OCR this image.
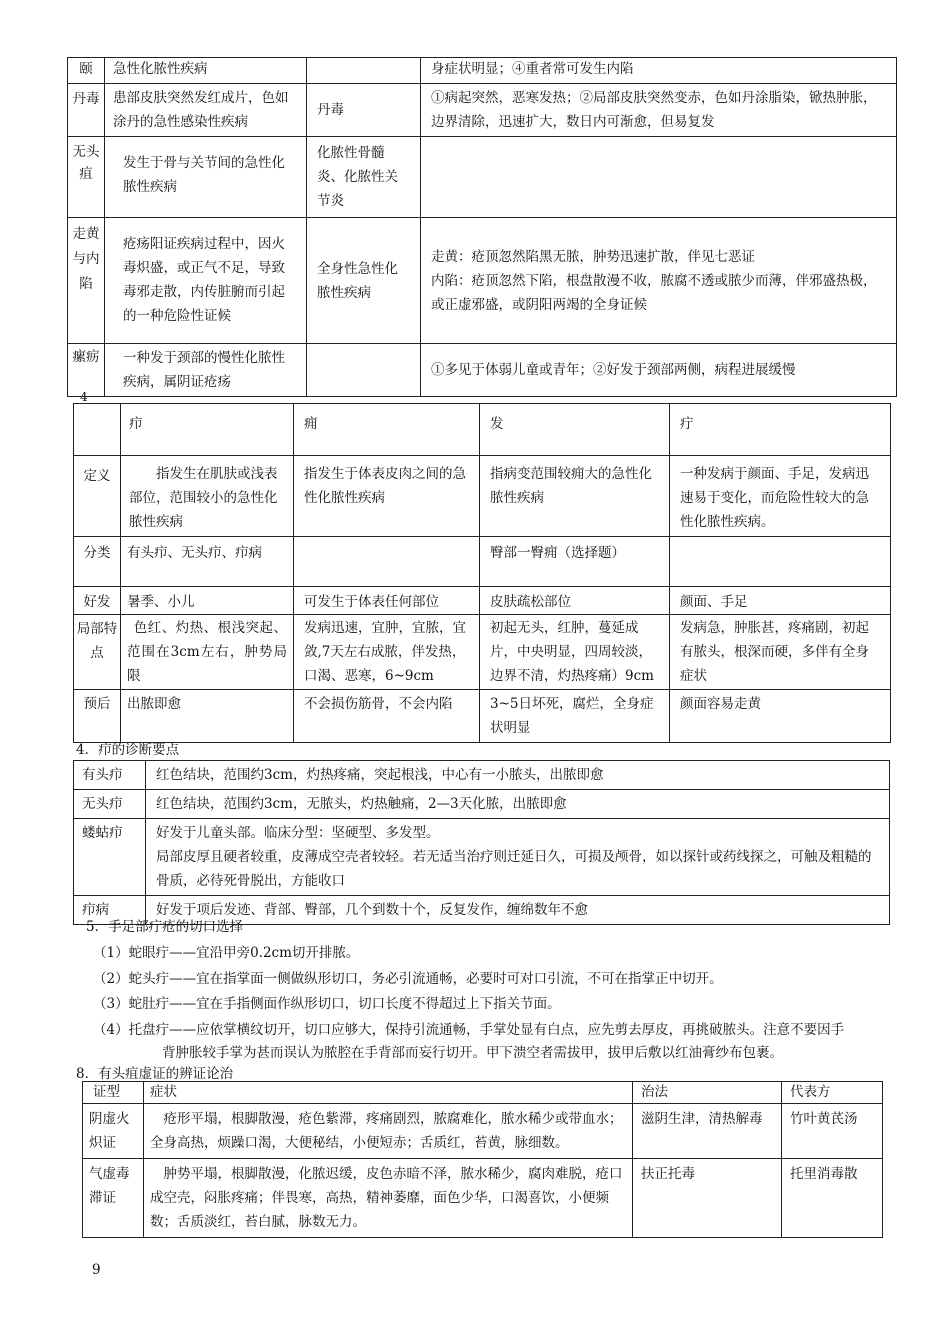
颐	急性化脓性疾病		身症状明显；④重者常可发生内陷
丹毒	患部皮肤突然发红成片，色如涂丹的急性感染性疾病	丹毒	①病起突然，恶寒发热；②局部皮肤突然变赤，色如丹涂脂染，锨热肿胀，边界清除，迅速扩大，数日内可渐愈，但易复发
无头疽	发生于骨与关节间的急性化脓性疾病	化脓性骨髓炎、化脓性关节炎	
走黄与内陷	疮疡阳证疾病过程中，因火毒炽盛，或正气不足，导致毒邪走散，内传脏腑而引起的一种危险性证候	全身性急性化脓性疾病	走黄：疮顶忽然陷黑无脓，肿势迅速扩散，伴见七恶证
内陷：疮顶忽然下陷，根盘散漫不收，脓腐不透或脓少而薄，伴邪盛热极，或正虚邪盛，或阴阳两竭的全身证候
瘰疬	一种发于颈部的慢性化脓性疾病，属阴证疮疡		①多见于体弱儿童或青年；②好发于颈部两侧，病程进展缓慢
4
	疖	痈	发	疔
定义	指发生在肌肤或浅表部位，范围较小的急性化脓性疾病	指发生于体表皮肉之间的急性化脓性疾病	指病变范围较痈大的急性化脓性疾病	一种发病于颜面、手足，发病迅速易于变化，而危险性较大的急性化脓性疾病。
分类	有头疖、无头疖、疖病		臀部一臀痈（选择题）	
好发	暑季、小儿	可发生于体表任何部位	皮肤疏松部位	颜面、手足
局部特点	色红、灼热、根浅突起、范围在3cm左右，肿势局限	发病迅速，宜肿，宜脓，宜敛,7天左右成脓，伴发热，口渴、恶寒，6~9cm	初起无头，红肿，蔓延成片，中央明显，四周较淡，边界不清，灼热疼痛）9cm	发病急，肿胀甚，疼痛剧，初起有脓头，根深而硬，多伴有全身症状
预后	出脓即愈	不会损伤筋骨，不会内陷	3~5日坏死，腐烂，全身症状明显	颜面容易走黄
4．疖的诊断要点
有头疖	红色结块，范围约3cm，灼热疼痛，突起根浅，中心有一小脓头，出脓即愈
无头疖	红色结块，范围约3cm，无脓头，灼热触痛，2—3天化脓，出脓即愈
蝼蛄疖	好发于儿童头部。临床分型：坚硬型、多发型。
局部皮厚且硬者较重，皮薄成空壳者较轻。若无适当治疗则迁延日久，可损及颅骨，如以探针或药线探之，可触及粗糙的骨质，必待死骨脱出，方能收口

疖病	好发于项后发迹、背部、臀部，几个到数十个，反复发作，缠绵数年不愈
5．手足部疔疮的切口选择
（1）蛇眼疔——宜沿甲旁0.2cm切开排脓。
（2）蛇头疔——宜在指掌面一侧做纵形切口，务必引流通畅，必要时可对口引流，不可在指掌正中切开。
（3）蛇肚疔——宜在手指侧面作纵形切口，切口长度不得超过上下指关节面。
（4）托盘疔——应依掌横纹切开，切口应够大，保持引流通畅，手掌处显有白点，应先剪去厚皮，再挑破脓头。注意不要因手
背肿胀较手掌为甚而误认为脓腔在手背部而妄行切开。甲下溃空者需拔甲，拔甲后敷以红油膏纱布包裹。
8．有头疽虚证的辨证论治
证型	症状	治法	代表方
阴虚火炽证	疮形平塌，根脚散漫，疮色紫滞，疼痛剧烈，脓腐难化，脓水稀少或带血水；全身高热，烦躁口渴，大便秘结，小便短赤；舌质红，苔黄，脉细数。	滋阴生津，清热解毒	竹叶黄芪汤
气虚毒滞证	肿势平塌，根脚散漫，化脓迟缓，皮色赤暗不泽，脓水稀少，腐肉难脱，疮口成空壳，闷胀疼痛；伴畏寒，高热，精神萎靡，面色少华，口渴喜饮，小便频数；舌质淡红，苔白腻，脉数无力。	扶正托毒	托里消毒散
9
